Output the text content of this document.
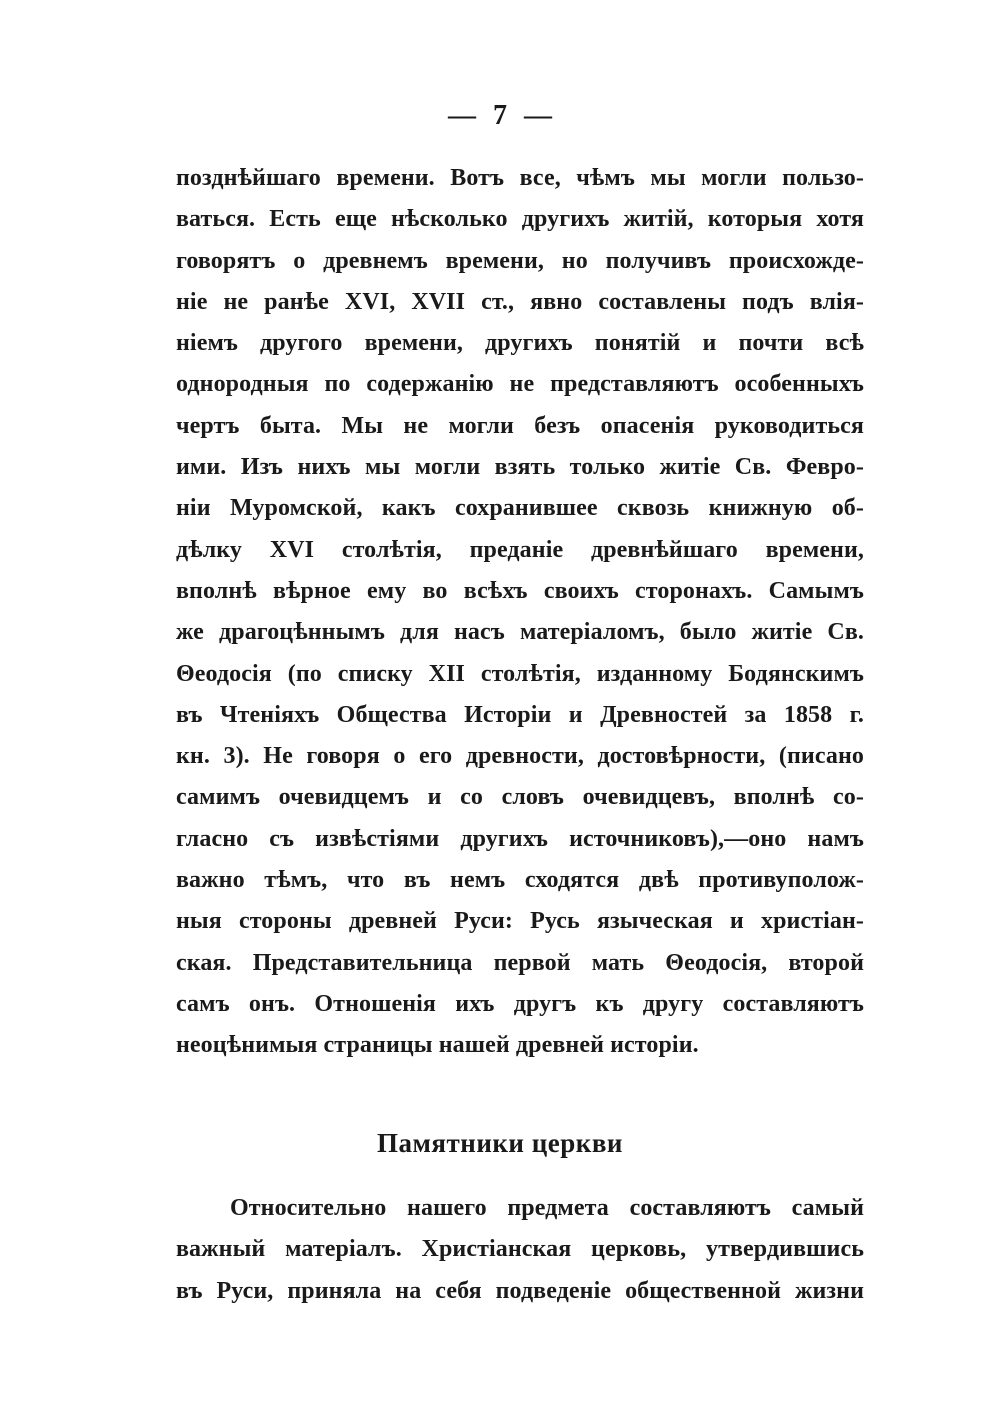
— 7 —
позднѣйшаго времени. Вотъ все, чѣмъ мы могли пользо-
ваться. Есть еще нѣсколько другихъ житій, которыя хотя
говорятъ о древнемъ времени, но получивъ происхожде-
ніе не ранѣе XVI, XVII ст., явно составлены подъ влія-
ніемъ другого времени, другихъ понятій и почти всѣ
однородныя по содержанію не представляютъ особенныхъ
чертъ быта. Мы не могли безъ опасенія руководиться
ими. Изъ нихъ мы могли взять только житіе Св. Февро-
ніи Муромской, какъ сохранившее сквозь книжную об-
дѣлку XVI столѣтія, преданіе древнѣйшаго времени,
вполнѣ вѣрное ему во всѣхъ своихъ сторонахъ. Самымъ
же драгоцѣннымъ для насъ матеріаломъ, было житіе Св.
Θеодосія (по списку XII столѣтія, изданному Бодянскимъ
въ Чтеніяхъ Общества Исторіи и Древностей за 1858 г.
кн. 3). Не говоря о его древности, достовѣрности, (писано
самимъ очевидцемъ и со словъ очевидцевъ, вполнѣ со-
гласно съ извѣстіями другихъ источниковъ),—оно намъ
важно тѣмъ, что въ немъ сходятся двѣ противуполож-
ныя стороны древней Руси: Русь языческая и христіан-
ская. Представительница первой мать Θеодосія, второй
самъ онъ. Отношенія ихъ другъ къ другу составляютъ
неоцѣнимыя страницы нашей древней исторіи.
Памятники церкви
Относительно нашего предмета составляютъ самый
важный матеріалъ. Христіанская церковь, утвердившись
въ Руси, приняла на себя подведеніе общественной жизни
